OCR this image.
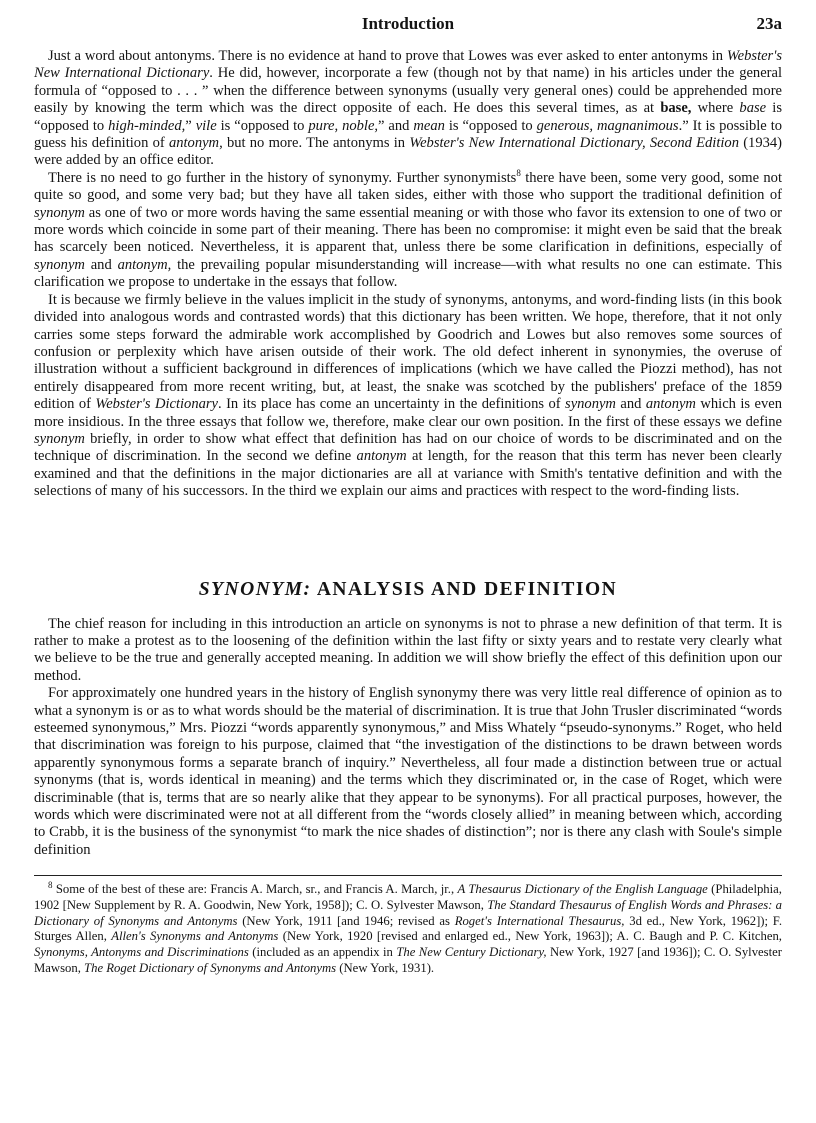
Introduction	23a

Just a word about antonyms. There is no evidence at hand to prove that Lowes was ever asked to enter antonyms in Webster's New International Dictionary. He did, however, incorporate a few (though not by that name) in his articles under the general formula of “opposed to . . . ” when the difference between synonyms (usually very general ones) could be apprehended more easily by knowing the term which was the direct opposite of each. He does this several times, as at base, where base is “opposed to high-minded,” vile is “opposed to pure, noble,” and mean is “opposed to generous, magnanimous.” It is possible to guess his definition of antonym, but no more. The antonyms in Webster's New International Dictionary, Second Edition (1934) were added by an office editor.

There is no need to go further in the history of synonymy. Further synonymists$^8$ there have been, some very good, some not quite so good, and some very bad; but they have all taken sides, either with those who support the traditional definition of synonym as one of two or more words having the same essential meaning or with those who favor its extension to one of two or more words which coincide in some part of their meaning. There has been no compromise: it might even be said that the break has scarcely been noticed. Nevertheless, it is apparent that, unless there be some clarification in definitions, especially of synonym and antonym, the prevailing popular misunderstanding will increase—with what results no one can estimate. This clarification we propose to undertake in the essays that follow.

It is because we firmly believe in the values implicit in the study of synonyms, antonyms, and word-finding lists (in this book divided into analogous words and contrasted words) that this dictionary has been written. We hope, therefore, that it not only carries some steps forward the admirable work accomplished by Goodrich and Lowes but also removes some sources of confusion or perplexity which have arisen outside of their work. The old defect inherent in synonymies, the overuse of illustration without a sufficient background in differences of implications (which we have called the Piozzi method), has not entirely disappeared from more recent writing, but, at least, the snake was scotched by the publishers' preface of the 1859 edition of Webster's Dictionary. In its place has come an uncertainty in the definitions of synonym and antonym which is even more insidious. In the three essays that follow we, therefore, make clear our own position. In the first of these essays we define synonym briefly, in order to show what effect that definition has had on our choice of words to be discriminated and on the technique of discrimination. In the second we define antonym at length, for the reason that this term has never been clearly examined and that the definitions in the major dictionaries are all at variance with Smith's tentative definition and with the selections of many of his successors. In the third we explain our aims and practices with respect to the word-finding lists.

SYNONYM: ANALYSIS AND DEFINITION

The chief reason for including in this introduction an article on synonyms is not to phrase a new definition of that term. It is rather to make a protest as to the loosening of the definition within the last fifty or sixty years and to restate very clearly what we believe to be the true and generally accepted meaning. In addition we will show briefly the effect of this definition upon our method.

For approximately one hundred years in the history of English synonymy there was very little real difference of opinion as to what a synonym is or as to what words should be the material of discrimination. It is true that John Trusler discriminated “words esteemed synonymous,” Mrs. Piozzi “words apparently synonymous,” and Miss Whately “pseudo-synonyms.” Roget, who held that discrimination was foreign to his purpose, claimed that “the investigation of the distinctions to be drawn between words apparently synonymous forms a separate branch of inquiry.” Nevertheless, all four made a distinction between true or actual synonyms (that is, words identical in meaning) and the terms which they discriminated or, in the case of Roget, which were discriminable (that is, terms that are so nearly alike that they appear to be synonyms). For all practical purposes, however, the words which were discriminated were not at all different from the “words closely allied” in meaning between which, according to Crabb, it is the business of the synonymist “to mark the nice shades of distinction”; nor is there any clash with Soule's simple definition

$^8$ Some of the best of these are: Francis A. March, sr., and Francis A. March, jr., A Thesaurus Dictionary of the English Language (Philadelphia, 1902 [New Supplement by R. A. Goodwin, New York, 1958]); C. O. Sylvester Mawson, The Standard Thesaurus of English Words and Phrases: a Dictionary of Synonyms and Antonyms (New York, 1911 [and 1946; revised as Roget's International Thesaurus, 3d ed., New York, 1962]); F. Sturges Allen, Allen's Synonyms and Antonyms (New York, 1920 [revised and enlarged ed., New York, 1963]); A. C. Baugh and P. C. Kitchen, Synonyms, Antonyms and Discriminations (included as an appendix in The New Century Dictionary, New York, 1927 [and 1936]); C. O. Sylvester Mawson, The Roget Dictionary of Synonyms and Antonyms (New York, 1931).
